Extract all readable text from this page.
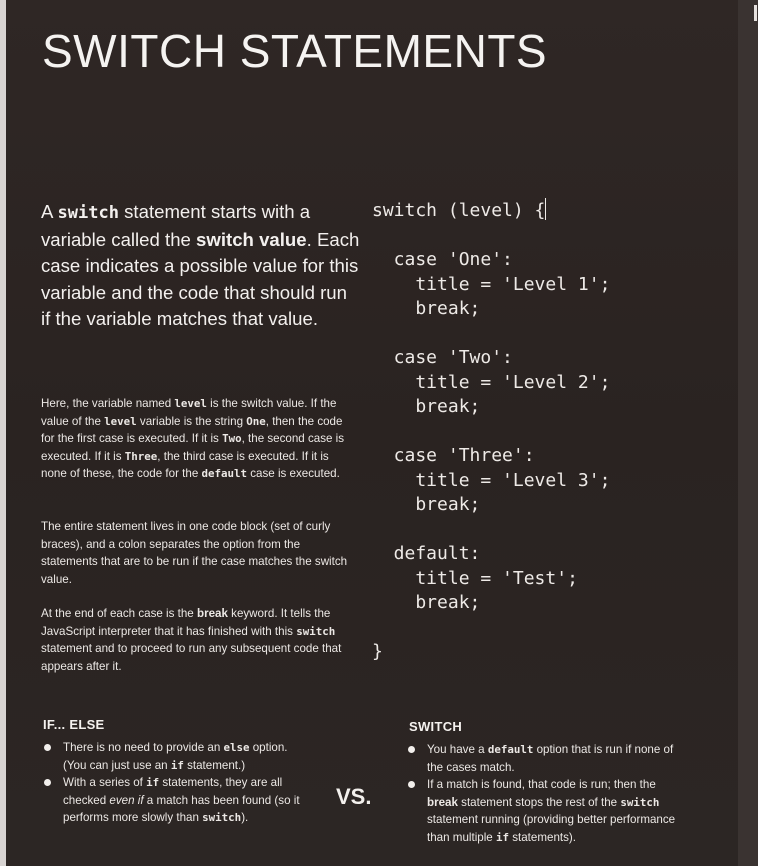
SWITCH STATEMENTS
A switch statement starts with a variable called the switch value. Each case indicates a possible value for this variable and the code that should run if the variable matches that value.
Here, the variable named level is the switch value. If the value of the level variable is the string One, then the code for the first case is executed. If it is Two, the second case is executed. If it is Three, the third case is executed. If it is none of these, the code for the default case is executed.
The entire statement lives in one code block (set of curly braces), and a colon separates the option from the statements that are to be run if the case matches the switch value.
At the end of each case is the break keyword. It tells the JavaScript interpreter that it has finished with this switch statement and to proceed to run any subsequent code that appears after it.
switch (level) {

case 'One':
title = 'Level 1';
break;

case 'Two':
title = 'Level 2';
break;

case 'Three':
title = 'Level 3';
break;

default:
title = 'Test';
break;

}
IF... ELSE
There is no need to provide an else option. (You can just use an if statement.)
With a series of if statements, they are all checked even if a match has been found (so it performs more slowly than switch).
VS.
SWITCH
You have a default option that is run if none of the cases match.
If a match is found, that code is run; then the break statement stops the rest of the switch statement running (providing better performance than multiple if statements).
